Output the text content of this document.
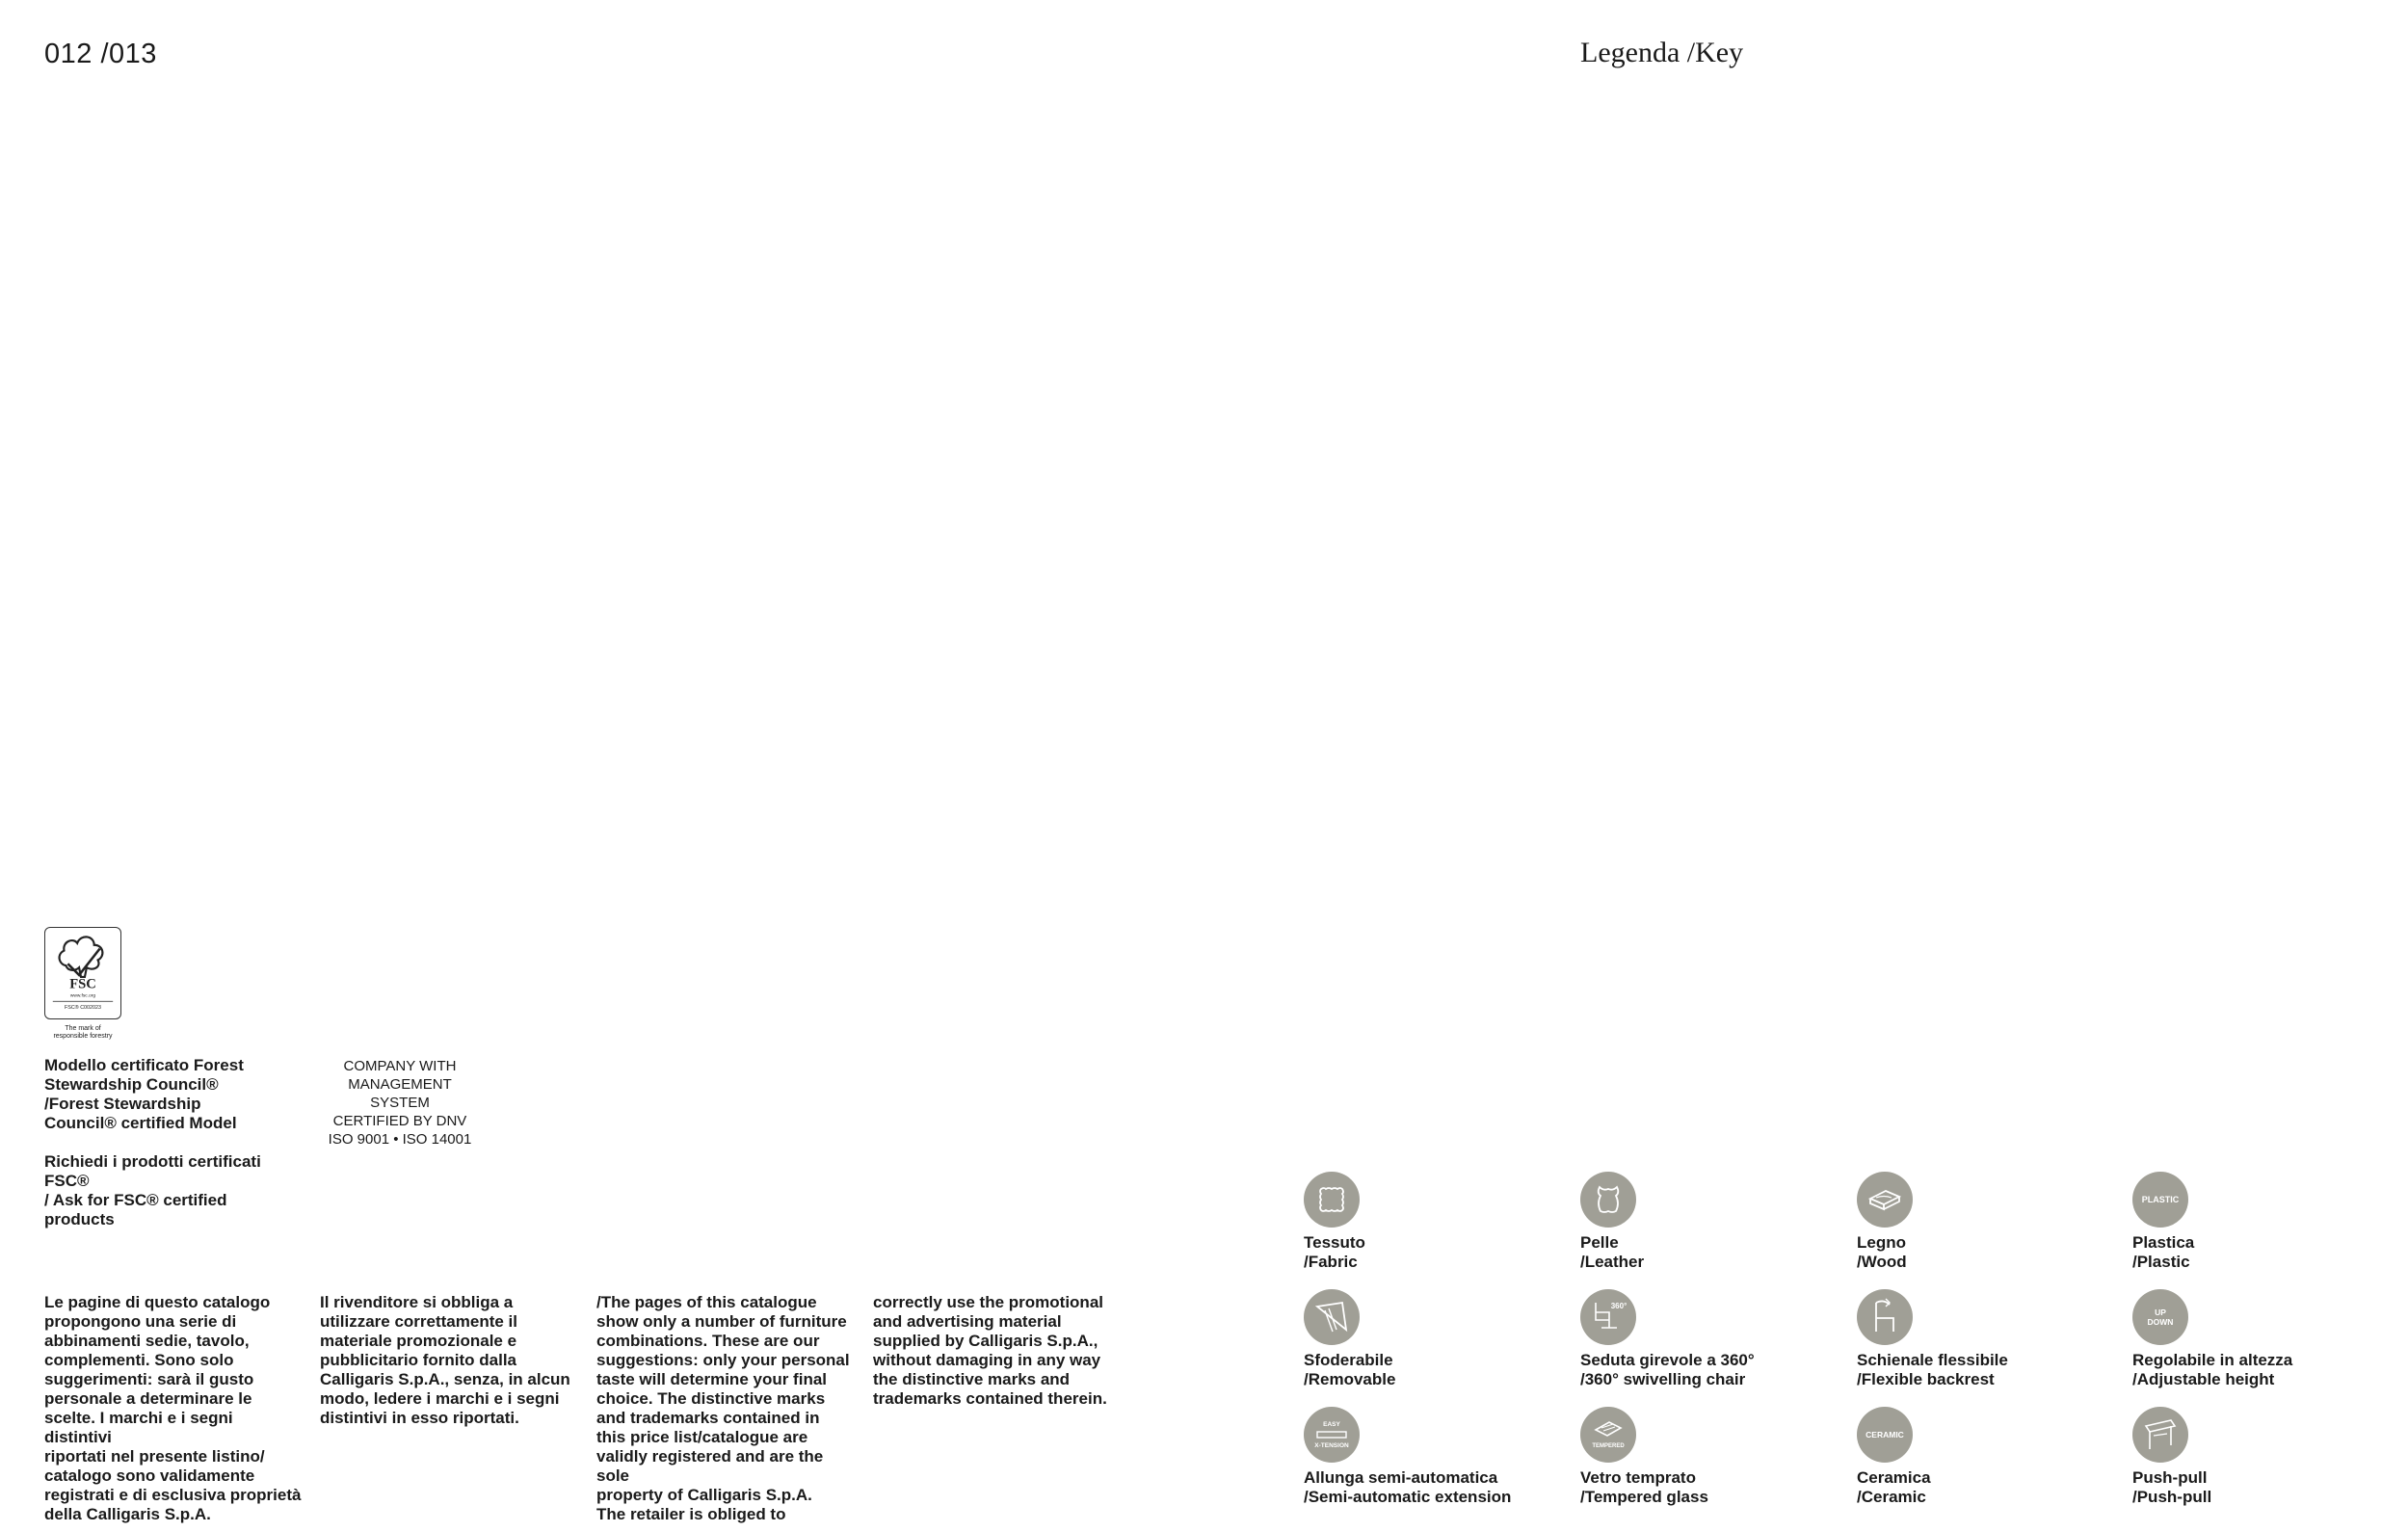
012 /013	Legenda /Key
FSC
www.fsc.org
FSC® C002023
The mark of
responsible forestry
Modello certificato Forest
Stewardship Council®
/Forest Stewardship
Council® certified Model
Richiedi i prodotti certificati
FSC®
/ Ask for FSC® certified
products
COMPANY WITH
MANAGEMENT SYSTEM
CERTIFIED BY DNV
ISO 9001 • ISO 14001
Le pagine di questo catalogo
propongono una serie di
abbinamenti sedie, tavolo,
complementi. Sono solo
suggerimenti: sarà il gusto
personale a determinare le
scelte. I marchi e i segni distintivi
riportati nel presente listino/
catalogo sono validamente
registrati e di esclusiva proprietà
della Calligaris S.p.A.
Il rivenditore si obbliga a
utilizzare correttamente il
materiale promozionale e
pubblicitario fornito dalla
Calligaris S.p.A., senza, in alcun
modo, ledere i marchi e i segni
distintivi in esso riportati.
/The pages of this catalogue
show only a number of furniture
combinations. These are our
suggestions: only your personal
taste will determine your final
choice. The distinctive marks
and trademarks contained in
this price list/catalogue are
validly registered and are the sole
property of Calligaris S.p.A.
The retailer is obliged to
correctly use the promotional
and advertising material
supplied by Calligaris S.p.A.,
without damaging in any way
the distinctive marks and
trademarks contained therein.
Tessuto
/Fabric
Pelle
/Leather
Legno
/Wood
PLASTIC
Plastica
/Plastic
Sfoderabile
/Removable
360°
Seduta girevole a 360°
/360° swivelling chair
Schienale flessibile
/Flexible backrest
UP DOWN
Regolabile in altezza
/Adjustable height
EASY X-TENSION
Allunga semi-automatica
/Semi-automatic extension
TEMPERED
Vetro temprato
/Tempered glass
CERAMIC
Ceramica
/Ceramic
Push-pull
/Push-pull
